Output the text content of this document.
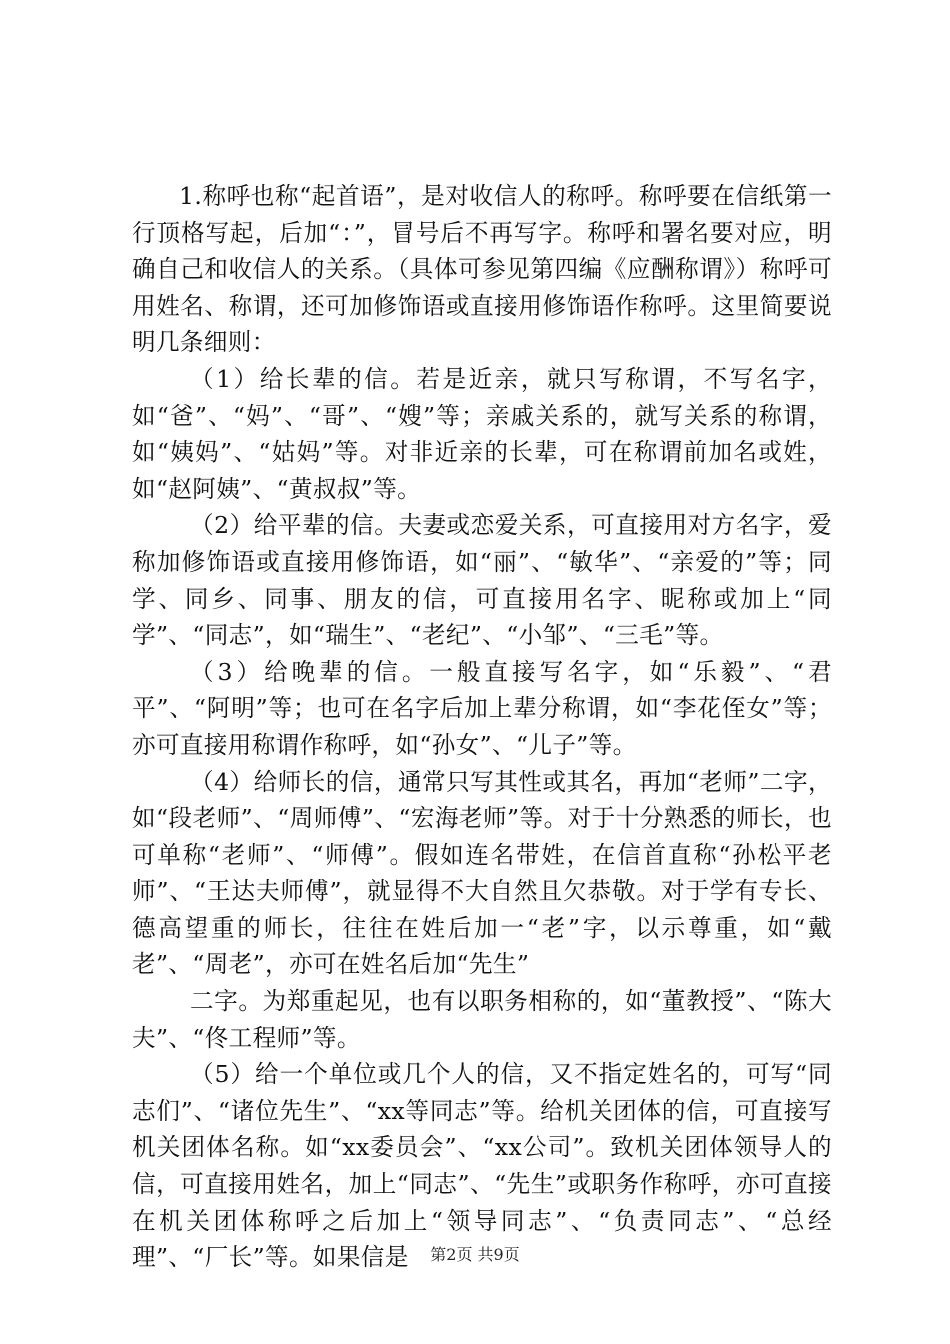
1.称呼也称“起首语”，是对收信人的称呼。称呼要在信纸第一行顶格写起，后加“：”，冒号后不再写字。称呼和署名要对应，明确自己和收信人的关系。（具体可参见第四编《应酬称谓》）称呼可用姓名、称谓，还可加修饰语或直接用修饰语作称呼。这里简要说明几条细则：

（1）给长辈的信。若是近亲，就只写称谓，不写名字，如“爸”、“妈”、“哥”、“嫂”等；亲戚关系的，就写关系的称谓，如“姨妈”、“姑妈”等。对非近亲的长辈，可在称谓前加名或姓，如“赵阿姨”、“黄叔叔”等。

（2）给平辈的信。夫妻或恋爱关系，可直接用对方名字，爱称加修饰语或直接用修饰语，如“丽”、“敏华”、“亲爱的”等；同学、同乡、同事、朋友的信，可直接用名字、昵称或加上“同学”、“同志”，如“瑞生”、“老纪”、“小邹”、“三毛”等。

（3）给晚辈的信。一般直接写名字，如“乐毅”、“君平”、“阿明”等；也可在名字后加上辈分称谓，如“李花侄女”等；亦可直接用称谓作称呼，如“孙女”、“儿子”等。

（4）给师长的信，通常只写其性或其名，再加“老师”二字，如“段老师”、“周师傅”、“宏海老师”等。对于十分熟悉的师长，也可单称“老师”、“师傅”。假如连名带姓，在信首直称“孙松平老师”、“王达夫师傅”，就显得不大自然且欠恭敬。对于学有专长、德高望重的师长，往往在姓后加一“老”字，以示尊重，如“戴老”、“周老”，亦可在姓名后加“先生”

二字。为郑重起见，也有以职务相称的，如“董教授”、“陈大夫”、“佟工程师”等。

（5）给一个单位或几个人的信，又不指定姓名的，可写“同志们”、“诸位先生”、“xx等同志”等。给机关团体的信，可直接写机关团体名称。如“xx委员会”、“xx公司”。致机关团体领导人的信，可直接用姓名，加上“同志”、“先生”或职务作称呼，亦可直接在机关团体称呼之后加上“领导同志”、“负责同志”、“总经理”、“厂长”等。如果信是	第2页 共9页
